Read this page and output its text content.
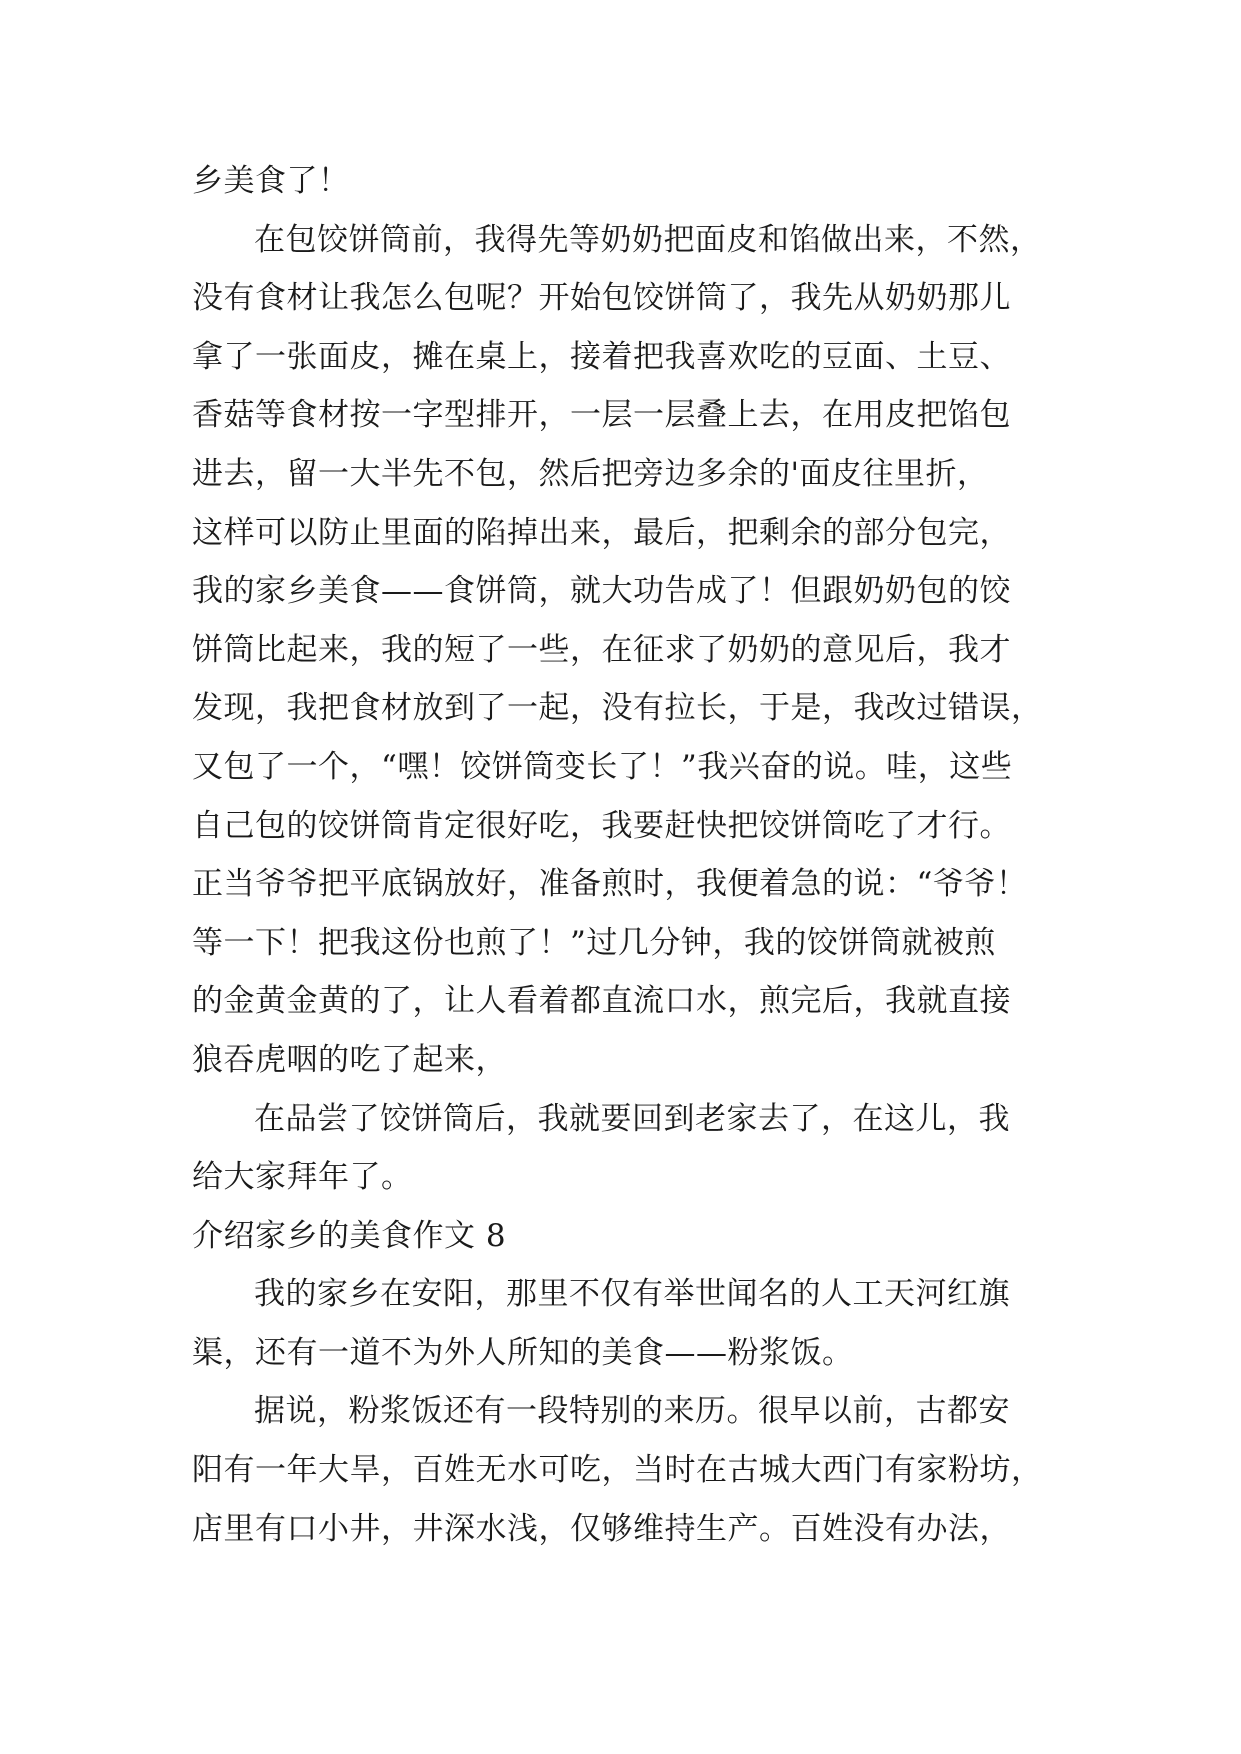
乡美食了！
在包饺饼筒前，我得先等奶奶把面皮和馅做出来，不然，
没有食材让我怎么包呢？开始包饺饼筒了，我先从奶奶那儿
拿了一张面皮，摊在桌上，接着把我喜欢吃的豆面、土豆、
香菇等食材按一字型排开，一层一层叠上去，在用皮把馅包
进去，留一大半先不包，然后把旁边多余的'面皮往里折，
这样可以防止里面的陷掉出来，最后，把剩余的部分包完，
我的家乡美食——食饼筒，就大功告成了！但跟奶奶包的饺
饼筒比起来，我的短了一些，在征求了奶奶的意见后，我才
发现，我把食材放到了一起，没有拉长，于是，我改过错误，
又包了一个，“嘿！饺饼筒变长了！”我兴奋的说。哇，这些
自己包的饺饼筒肯定很好吃，我要赶快把饺饼筒吃了才行。
正当爷爷把平底锅放好，准备煎时，我便着急的说：“爷爷！
等一下！把我这份也煎了！”过几分钟，我的饺饼筒就被煎
的金黄金黄的了，让人看着都直流口水，煎完后，我就直接
狼吞虎咽的吃了起来，
在品尝了饺饼筒后，我就要回到老家去了，在这儿，我
给大家拜年了。
介绍家乡的美食作文 8
我的家乡在安阳，那里不仅有举世闻名的人工天河红旗
渠，还有一道不为外人所知的美食——粉浆饭。
据说，粉浆饭还有一段特别的来历。很早以前，古都安
阳有一年大旱，百姓无水可吃，当时在古城大西门有家粉坊，
店里有口小井，井深水浅，仅够维持生产。百姓没有办法，
